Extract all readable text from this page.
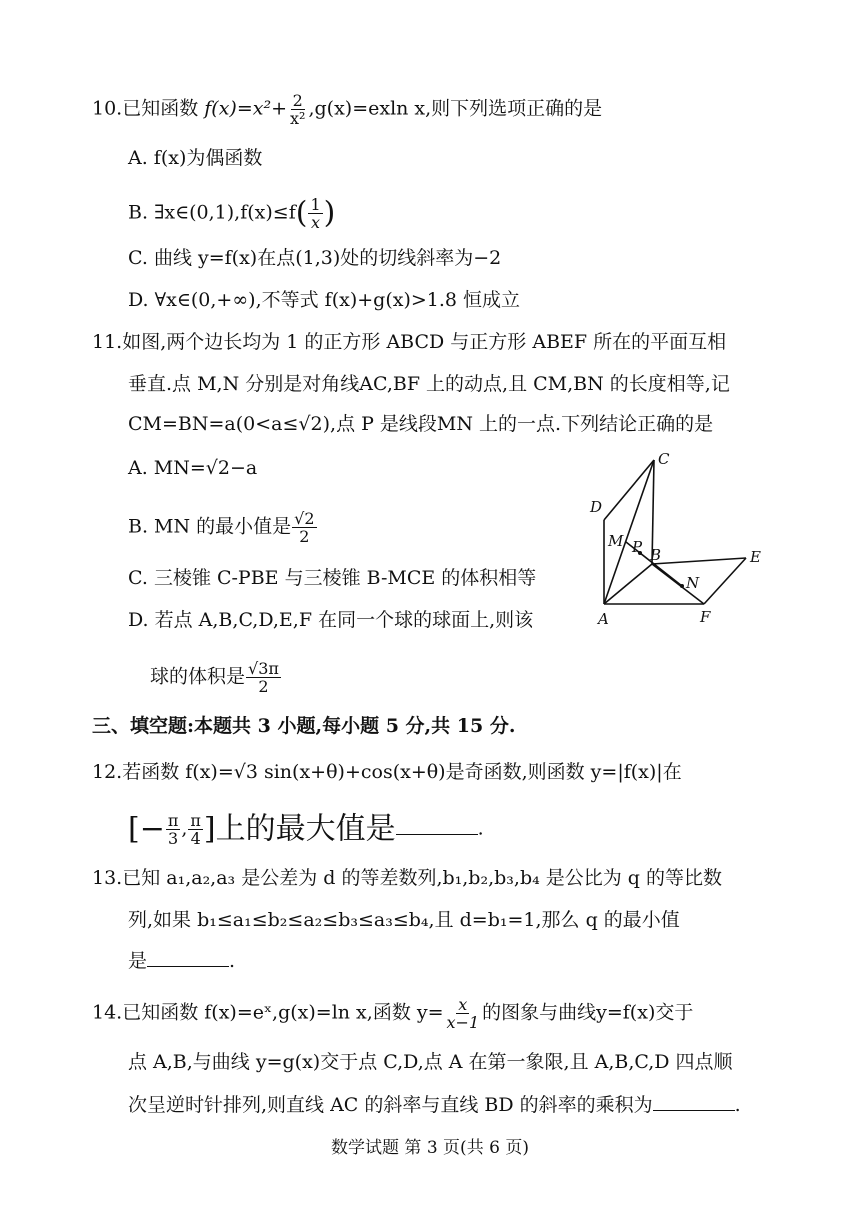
10.已知函数 $f(x)=x^2+ \frac{2}{\text{x²}} ,g(x)=exln$ x,则下列选项正确的是
A. f(x)为偶函数
B. ∃x∈(0,1),f(x)≤f( $\frac{1}{x}$ )
C. 曲线 y=f(x)在点(1,3)处的切线斜率为−2
D. ∀x∈(0,+∞),不等式 f(x)+g(x)>1.8 恒成立
11.如图,两个边长均为 1 的正方形 ABCD 与正方形 ABEF 所在的平面互相
垂直.点 M,N 分别是对角线AC,BF 上的动点,且 CM,BN 的长度相等,记
CM=BN=a(0<a≤√2),点 P 是线段MN 上的一点.下列结论正确的是
A. MN=√2−a
B. MN 的最小值是 $\frac{√2}{2}$
C. 三棱锥 C-PBE 与三棱锥 B-MCE 的体积相等
D. 若点 A,B,C,D,E,F 在同一个球的球面上,则该
球的体积是 $\frac{√3\pi}{2}$
C
D
M P B	E
N
A	F
三、填空题:本题共 3 小题,每小题 5 分,共 15 分.
12.若函数 f(x)=√3 sin(x+θ)+cos(x+θ)是奇函数,则函数 y=|f(x)|在
[− $\frac{\pi}{3}$ , $\frac{\pi}{4}$ ]上的最大值是	.
13.已知 a₁,a₂,a₃ 是公差为 d 的等差数列,b₁,b₂,b₃,b₄ 是公比为 q 的等比数
列,如果 b₁≤a₁≤b₂≤a₂≤b₃≤a₃≤b₄,且 d=b₁=1,那么 q 的最小值
是	.
14.已知函数 f(x)=eˣ,g(x)=ln x,函数 $y= \frac{x}{x-1}$ 的图象与曲线y=f(x)交于
点 A,B,与曲线 y=g(x)交于点 C,D,点 A 在第一象限,且 A,B,C,D 四点顺
次呈逆时针排列,则直线 AC 的斜率与直线 BD 的斜率的乘积为	.
数学试题 第 3 页(共 6 页)
